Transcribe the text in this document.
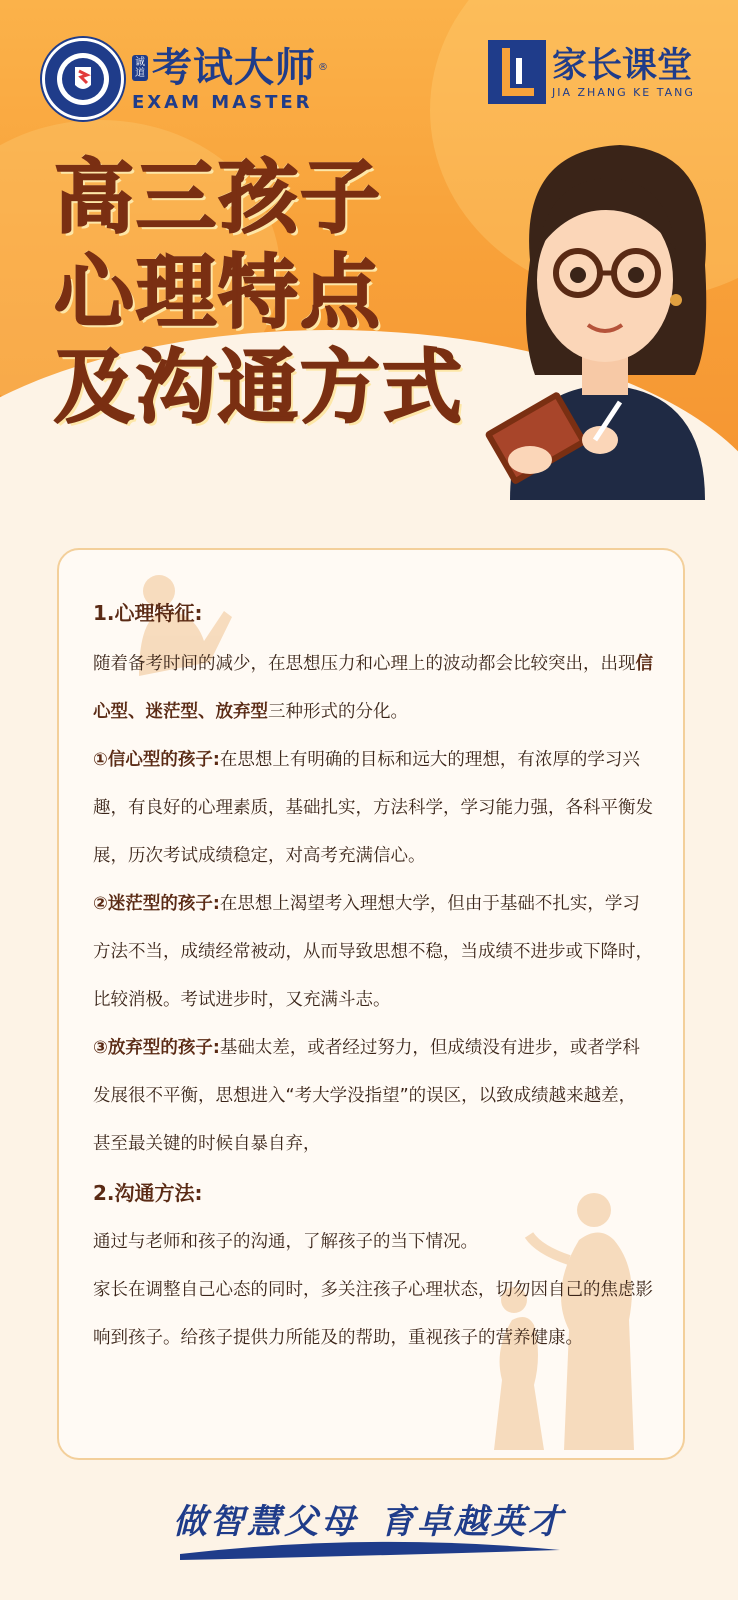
诚道 考试大师 ®
EXAM MASTER
家长课堂
JIA ZHANG KE TANG
高三孩子
心理特点
及沟通方式

1.心理特征:

随着备考时间的减少，在思想压力和心理上的波动都会比较突出，出现信心型、迷茫型、放弃型三种形式的分化。

①信心型的孩子:在思想上有明确的目标和远大的理想，有浓厚的学习兴趣，有良好的心理素质，基础扎实，方法科学，学习能力强，各科平衡发展，历次考试成绩稳定，对高考充满信心。

②迷茫型的孩子:在思想上渴望考入理想大学，但由于基础不扎实，学习方法不当，成绩经常被动，从而导致思想不稳，当成绩不进步或下降时，比较消极。考试进步时，又充满斗志。

③放弃型的孩子:基础太差，或者经过努力，但成绩没有进步，或者学科发展很不平衡，思想进入“考大学没指望”的误区，以致成绩越来越差，甚至最关键的时候自暴自弃，

2.沟通方法:

通过与老师和孩子的沟通，了解孩子的当下情况。

家长在调整自己心态的同时，多关注孩子心理状态，切勿因自己的焦虑影响到孩子。给孩子提供力所能及的帮助，重视孩子的营养健康。

做智慧父母 育卓越英才
